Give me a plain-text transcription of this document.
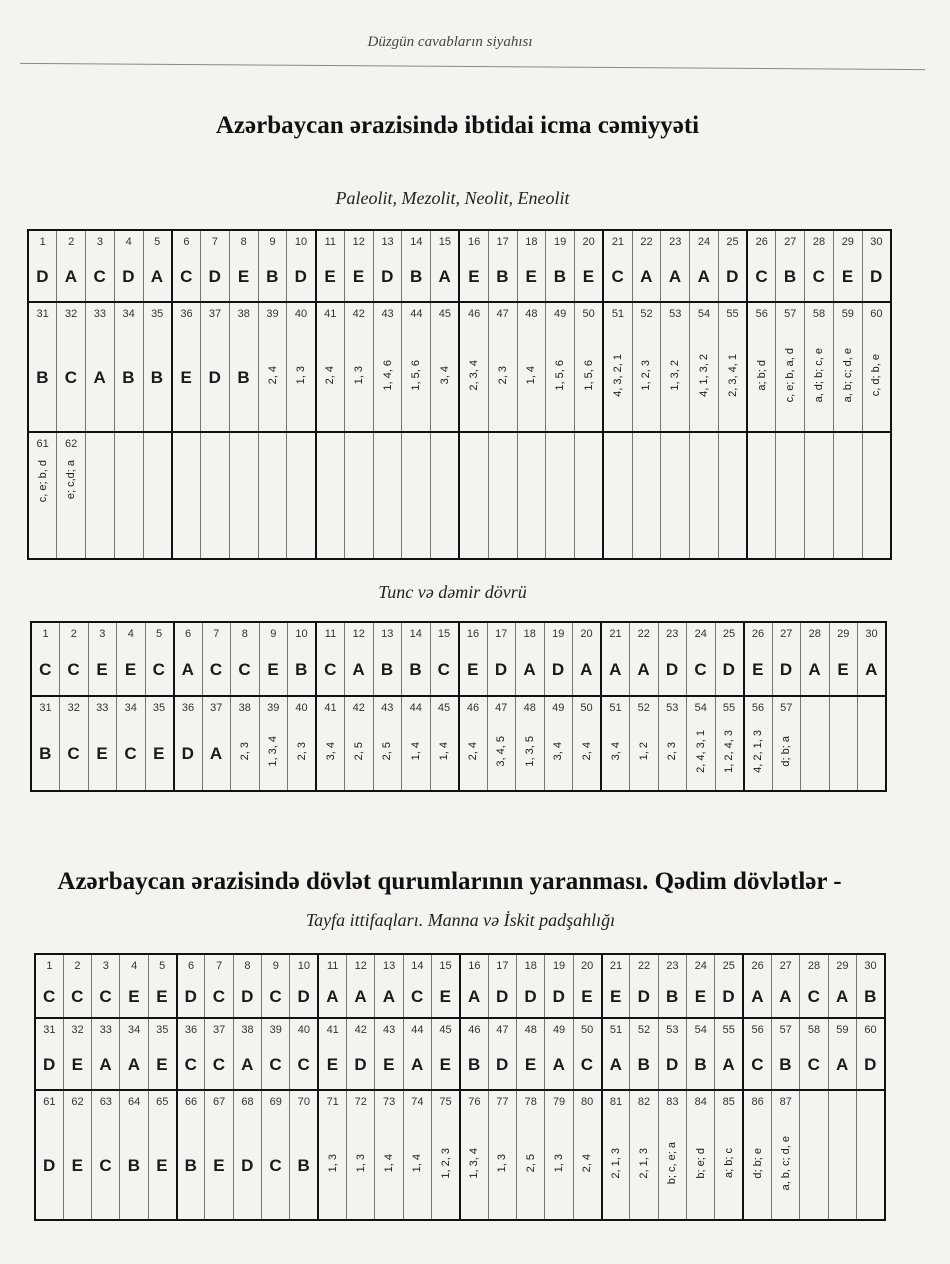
Düzgün cavabların siyahısı
Azərbaycan ərazisində ibtidai icma cəmiyyəti
Paleolit, Mezolit, Neolit, Eneolit
1	2	3	4	5	6	7	8	9	10	11	12	13	14	15	16	17	18	19	20	21	22	23	24	25	26	27	28	29	30
D	A	C	D	A	C	D	E	B	D	E	E	D	B	A	E	B	E	B	E	C	A	A	A	D	C	B	C	E	D
31	32	33	34	35	36	37	38	39	40	41	42	43	44	45	46	47	48	49	50	51	52	53	54	55	56	57	58	59	60
B	C	A	B	B	E	D	B	2, 4	1, 3	2, 4	1, 3	1, 4, 6	1, 5, 6	3, 4	2, 3, 4	2, 3	1, 4	1, 5, 6	1, 5, 6	4, 3, 2, 1	1, 2, 3	1, 3, 2	4, 1, 3, 2	2, 3, 4, 1	a; b; d	c, e; b, a, d	a, d; b; c, e	a, b; c; d, e	c, d; b, e
61	62																												
c, e; b, d	e; c,d; a																												
Tunc və dəmir dövrü
1	2	3	4	5	6	7	8	9	10	11	12	13	14	15	16	17	18	19	20	21	22	23	24	25	26	27	28	29	30
C	C	E	E	C	A	C	C	E	B	C	A	B	B	C	E	D	A	D	A	A	A	D	C	D	E	D	A	E	A
31	32	33	34	35	36	37	38	39	40	41	42	43	44	45	46	47	48	49	50	51	52	53	54	55	56	57			
B	C	E	C	E	D	A	2, 3	1, 3, 4	2, 3	3, 4	2, 5	2, 5	1, 4	1, 4	2, 4	3, 4, 5	1, 3, 5	3, 4	2, 4	3, 4	1, 2	2, 3	2, 4, 3, 1	1, 2, 4, 3	4, 2, 1, 3	d; b; a			
Azərbaycan ərazisində dövlət qurumlarının yaranması. Qədim dövlətlər -
Tayfa ittifaqları. Manna və İskit padşahlığı
1	2	3	4	5	6	7	8	9	10	11	12	13	14	15	16	17	18	19	20	21	22	23	24	25	26	27	28	29	30
C	C	C	E	E	D	C	D	C	D	A	A	A	C	E	A	D	D	D	E	E	D	B	E	D	A	A	C	A	B
31	32	33	34	35	36	37	38	39	40	41	42	43	44	45	46	47	48	49	50	51	52	53	54	55	56	57	58	59	60
D	E	A	A	E	C	C	A	C	C	E	D	E	A	E	B	D	E	A	C	A	B	D	B	A	C	B	C	A	D
61	62	63	64	65	66	67	68	69	70	71	72	73	74	75	76	77	78	79	80	81	82	83	84	85	86	87			
D	E	C	B	E	B	E	D	C	B	1, 3	1, 3	1, 4	1, 4	1, 2, 3	1, 3, 4	1, 3	2, 5	1, 3	2, 4	2, 1, 3	2, 1, 3	b; c, e; a	b; e; d	a; b; c	d; b; e	a, b, c; d, e			
